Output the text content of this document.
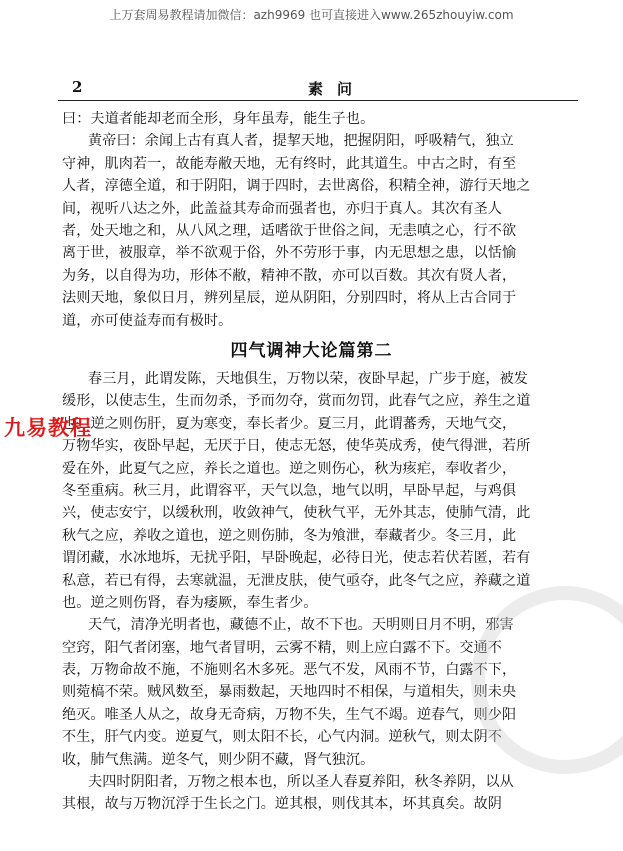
上万套周易教程请加微信：azh9969 也可直接进入www.265zhouyiw.com
2	素问
曰：夫道者能却老而全形，身年虽寿，能生子也。
黄帝曰：余闻上古有真人者，提挈天地，把握阴阳，呼吸精气，独立
守神，肌肉若一，故能寿敝天地，无有终时，此其道生。中古之时，有至
人者，淳德全道，和于阴阳，调于四时，去世离俗，积精全神，游行天地之
间，视听八达之外，此盖益其寿命而强者也，亦归于真人。其次有圣人
者，处天地之和，从八风之理，适嗜欲于世俗之间，无恚嗔之心，行不欲
离于世，被服章，举不欲观于俗，外不劳形于事，内无思想之患，以恬愉
为务，以自得为功，形体不敝，精神不散，亦可以百数。其次有贤人者，
法则天地，象似日月，辨列星辰，逆从阴阳，分别四时，将从上古合同于
道，亦可使益寿而有极时。
四气调神大论篇第二
春三月，此谓发陈，天地俱生，万物以荣，夜卧早起，广步于庭，被发
缓形，以使志生，生而勿杀，予而勿夺，赏而勿罚，此春气之应，养生之道
也。逆之则伤肝，夏为寒变，奉长者少。夏三月，此谓蕃秀，天地气交，
万物华实，夜卧早起，无厌于日，使志无怒，使华英成秀，使气得泄，若所
爱在外，此夏气之应，养长之道也。逆之则伤心，秋为痎疟，奉收者少，
冬至重病。秋三月，此谓容平，天气以急，地气以明，早卧早起，与鸡俱
兴，使志安宁，以缓秋刑，收敛神气，使秋气平，无外其志，使肺气清，此
秋气之应，养收之道也，逆之则伤肺，冬为飧泄，奉藏者少。冬三月，此
谓闭藏，水冰地坼，无扰乎阳，早卧晚起，必待日光，使志若伏若匿，若有
私意，若已有得，去寒就温，无泄皮肤，使气亟夺，此冬气之应，养藏之道
也。逆之则伤肾，春为痿厥，奉生者少。
天气，清净光明者也，藏德不止，故不下也。天明则日月不明，邪害
空窍，阳气者闭塞，地气者冒明，云雾不精，则上应白露不下。交通不
表，万物命故不施，不施则名木多死。恶气不发，风雨不节，白露不下，
则菀槁不荣。贼风数至，暴雨数起，天地四时不相保，与道相失，则未央
绝灭。唯圣人从之，故身无奇病，万物不失，生气不竭。逆春气，则少阳
不生，肝气内变。逆夏气，则太阳不长，心气内洞。逆秋气，则太阴不
收，肺气焦满。逆冬气，则少阴不藏，肾气独沉。
夫四时阴阳者，万物之根本也，所以圣人春夏养阳，秋冬养阴，以从
其根，故与万物沉浮于生长之门。逆其根，则伐其本，坏其真矣。故阴
九易教程
